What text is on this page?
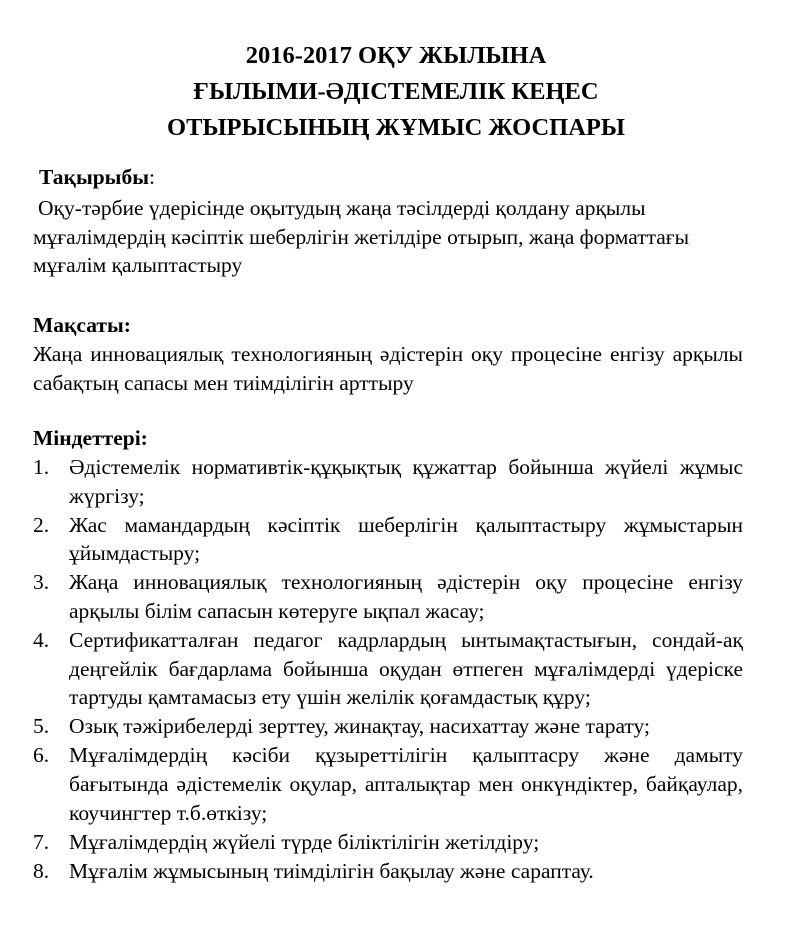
2016-2017 ОҚУ ЖЫЛЫНА
ҒЫЛЫМИ-ӘДІСТЕМЕЛІК КЕҢЕС
ОТЫРЫСЫНЫҢ ЖҰМЫС ЖОСПАРЫ
Тақырыбы:
Оқу-тәрбие үдерісінде оқытудың жаңа тәсілдерді қолдану арқылы мұғалімдердің кәсіптік шеберлігін жетілдіре отырып, жаңа форматтағы мұғалім қалыптастыру
Мақсаты:
Жаңа инновациялық технологияның әдістерін оқу процесіне енгізу арқылы сабақтың сапасы мен тиімділігін арттыру
Міндеттері:
1. Әдістемелік нормативтік-құқықтық құжаттар бойынша жүйелі жұмыс жүргізу;
2. Жас мамандардың кәсіптік шеберлігін қалыптастыру жұмыстарын ұйымдастыру;
3. Жаңа инновациялық технологияның әдістерін оқу процесіне енгізу арқылы білім сапасын көтеруге ықпал жасау;
4. Сертификатталған педагог кадрлардың ынтымақтастығын, сондай-ақ деңгейлік бағдарлама бойынша оқудан өтпеген мұғалімдерді үдеріске тартуды қамтамасыз ету үшін желілік қоғамдастық құру;
5. Озық тәжірибелерді зерттеу, жинақтау, насихаттау және тарату;
6. Мұғалімдердің кәсіби құзыреттілігін қалыптасру және дамыту бағытында әдістемелік оқулар, апталықтар мен онкүндіктер, байқаулар, коучингтер т.б.өткізу;
7. Мұғалімдердің жүйелі түрде біліктілігін жетілдіру;
8. Мұғалім жұмысының тиімділігін бақылау және сараптау.
